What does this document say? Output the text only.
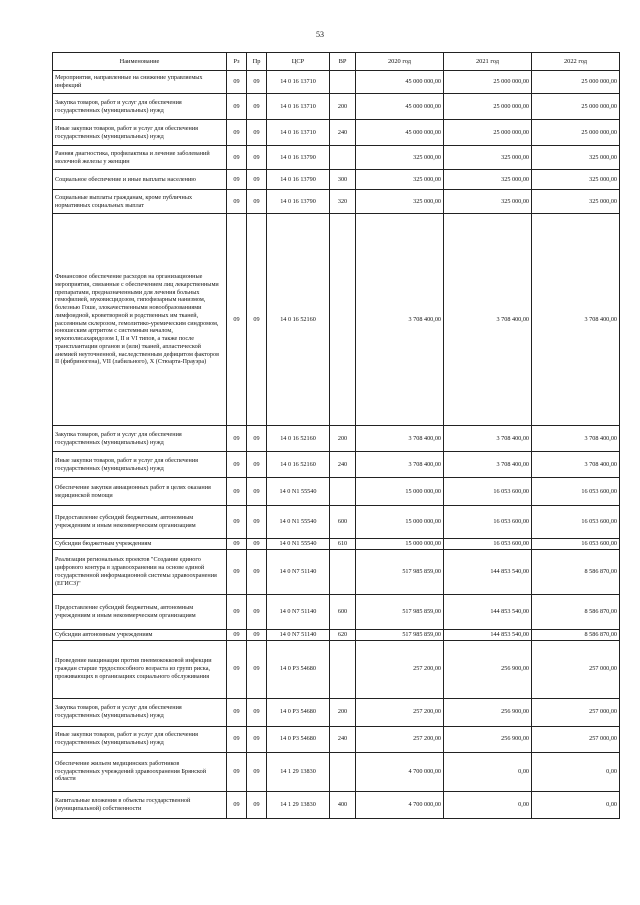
53
Наименование	Рз	Пр	ЦСР	ВР	2020 год	2021 год	2022 год
Мероприятия, направленные на снижение управляемых инфекций	09	09	14 0 16 13710		45 000 000,00	25 000 000,00	25 000 000,00
Закупка товаров, работ и услуг для обеспечения государственных (муниципальных) нужд	09	09	14 0 16 13710	200	45 000 000,00	25 000 000,00	25 000 000,00
Иные закупки товаров, работ и услуг для обеспечения государственных (муниципальных) нужд	09	09	14 0 16 13710	240	45 000 000,00	25 000 000,00	25 000 000,00
Ранняя диагностика, профилактика и лечение заболеваний молочной железы у женщин	09	09	14 0 16 13790		325 000,00	325 000,00	325 000,00
Социальное обеспечение и иные выплаты населению	09	09	14 0 16 13790	300	325 000,00	325 000,00	325 000,00
Социальные выплаты гражданам, кроме публичных нормативных социальных выплат	09	09	14 0 16 13790	320	325 000,00	325 000,00	325 000,00
Финансовое обеспечение расходов на организационные мероприятия, связанные с обеспечением лиц лекарственными препаратами, предназначенными для лечения больных гемофилией, муковисцидозом, гипофизарным нанизмом, болезнью Гоше, злокачественными новообразованиями лимфоидной, кроветворной и родственных им тканей, рассеянным склерозом, гемолитико-уремическим синдромом, юношеским артритом с системным началом, мукополисахаридозом I, II и VI типов, а также после трансплантации органов и (или) тканей, апластической анемией неуточненной, наследственным дефицитом факторов II (фибриногена), VII (лабильного), X (Стюарта-Прауэра)	09	09	14 0 16 52160		3 708 400,00	3 708 400,00	3 708 400,00
Закупка товаров, работ и услуг для обеспечения государственных (муниципальных) нужд	09	09	14 0 16 52160	200	3 708 400,00	3 708 400,00	3 708 400,00
Иные закупки товаров, работ и услуг для обеспечения государственных (муниципальных) нужд	09	09	14 0 16 52160	240	3 708 400,00	3 708 400,00	3 708 400,00
Обеспечение закупки авиационных работ в целях оказания медицинской помощи	09	09	14 0 N1 55540		15 000 000,00	16 053 600,00	16 053 600,00
Предоставление субсидий бюджетным, автономным учреждениям и иным некоммерческим организациям	09	09	14 0 N1 55540	600	15 000 000,00	16 053 600,00	16 053 600,00
Субсидии бюджетным учреждениям	09	09	14 0 N1 55540	610	15 000 000,00	16 053 600,00	16 053 600,00
Реализация региональных проектов "Создание единого цифрового контура в здравоохранении на основе единой государственной информационной системы здравоохранения (ЕГИСЗ)"	09	09	14 0 N7 51140		517 985 859,00	144 853 540,00	8 586 870,00
Предоставление субсидий бюджетным, автономным учреждениям и иным некоммерческим организациям	09	09	14 0 N7 51140	600	517 985 859,00	144 853 540,00	8 586 870,00
Субсидии автономным учреждениям	09	09	14 0 N7 51140	620	517 985 859,00	144 853 540,00	8 586 870,00
Проведение вакцинации против пневмококковой инфекции граждан старше трудоспособного возраста из групп риска, проживающих в организациях социального обслуживания	09	09	14 0 P3 54680		257 200,00	256 900,00	257 000,00
Закупка товаров, работ и услуг для обеспечения государственных (муниципальных) нужд	09	09	14 0 P3 54680	200	257 200,00	256 900,00	257 000,00
Иные закупки товаров, работ и услуг для обеспечения государственных (муниципальных) нужд	09	09	14 0 P3 54680	240	257 200,00	256 900,00	257 000,00
Обеспечение жильем медицинских работников государственных учреждений здравоохранения Брянской области	09	09	14 1 29 13830		4 700 000,00	0,00	0,00
Капитальные вложения в объекты государственной (муниципальной) собственности	09	09	14 1 29 13830	400	4 700 000,00	0,00	0,00
